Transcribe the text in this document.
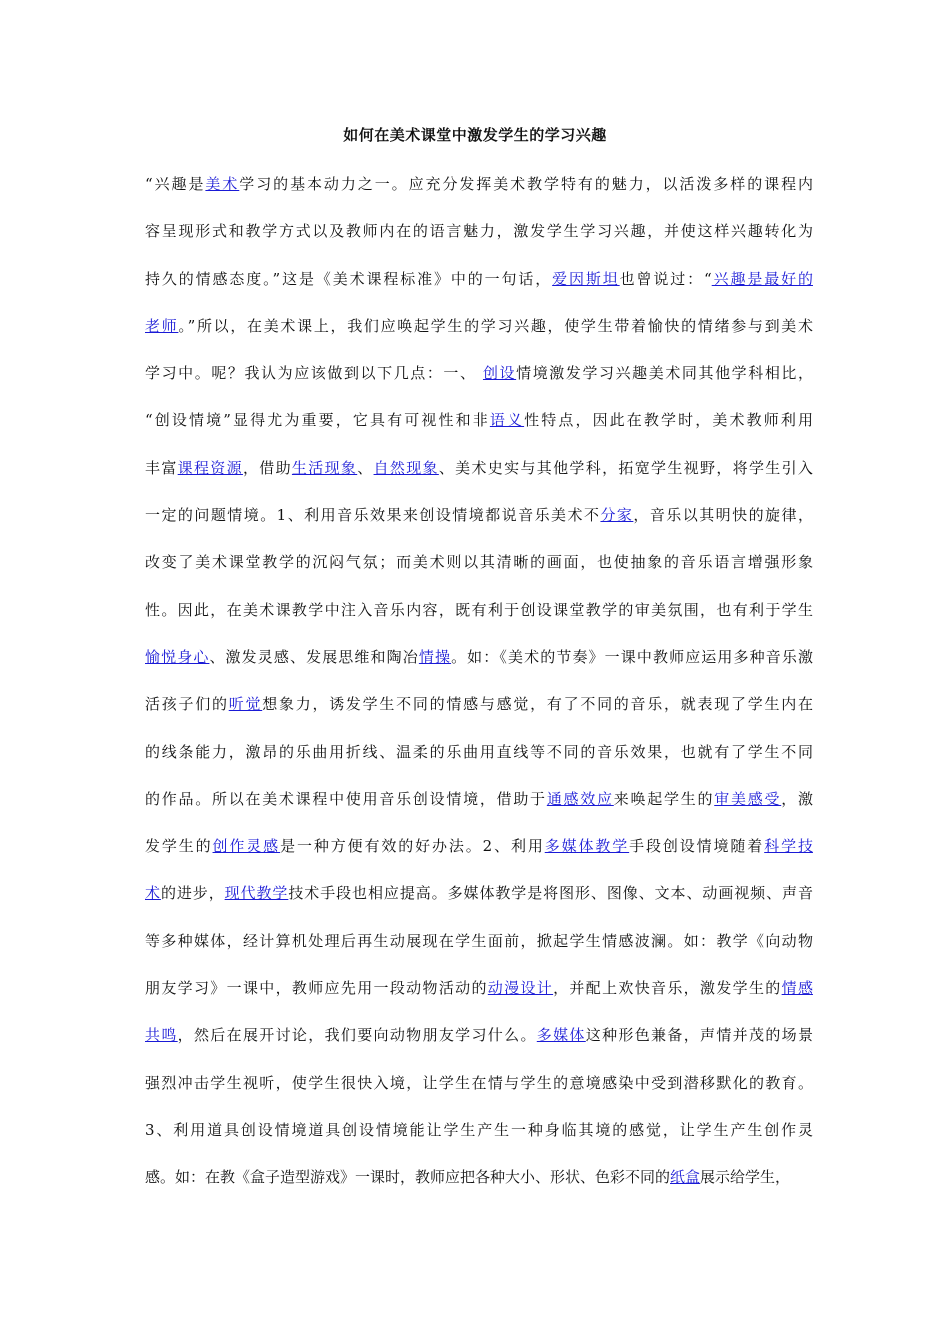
如何在美术课堂中激发学生的学习兴趣
“兴趣是美术学习的基本动力之一。应充分发挥美术教学特有的魅力，以活泼多样的课程内
容呈现形式和教学方式以及教师内在的语言魅力，激发学生学习兴趣，并使这样兴趣转化为
持久的情感态度。”这是《美术课程标准》中的一句话，爱因斯坦也曾说过：“兴趣是最好的
老师。”所以，在美术课上，我们应唤起学生的学习兴趣，使学生带着愉快的情绪参与到美术
学习中。呢？我认为应该做到以下几点：一、 创设情境激发学习兴趣美术同其他学科相比，
“创设情境”显得尤为重要，它具有可视性和非语义性特点，因此在教学时，美术教师利用
丰富课程资源，借助生活现象、自然现象、美术史实与其他学科，拓宽学生视野，将学生引入
一定的问题情境。1、利用音乐效果来创设情境都说音乐美术不分家，音乐以其明快的旋律，
改变了美术课堂教学的沉闷气氛；而美术则以其清晰的画面，也使抽象的音乐语言增强形象
性。因此，在美术课教学中注入音乐内容，既有利于创设课堂教学的审美氛围，也有利于学生
愉悦身心、激发灵感、发展思维和陶冶情操。如：《美术的节奏》一课中教师应运用多种音乐激
活孩子们的听觉想象力，诱发学生不同的情感与感觉，有了不同的音乐，就表现了学生内在
的线条能力，激昂的乐曲用折线、温柔的乐曲用直线等不同的音乐效果，也就有了学生不同
的作品。所以在美术课程中使用音乐创设情境，借助于通感效应来唤起学生的审美感受，激
发学生的创作灵感是一种方便有效的好办法。2、利用多媒体教学手段创设情境随着科学技
术的进步，现代教学技术手段也相应提高。多媒体教学是将图形、图像、文本、动画视频、声音
等多种媒体，经计算机处理后再生动展现在学生面前，掀起学生情感波澜。如：教学《向动物
朋友学习》一课中，教师应先用一段动物活动的动漫设计，并配上欢快音乐，激发学生的情感
共鸣，然后在展开讨论，我们要向动物朋友学习什么。多媒体这种形色兼备，声情并茂的场景
强烈冲击学生视听，使学生很快入境，让学生在情与学生的意境感染中受到潜移默化的教育。
3、利用道具创设情境道具创设情境能让学生产生一种身临其境的感觉，让学生产生创作灵
感。如：在教《盒子造型游戏》一课时，教师应把各种大小、形状、色彩不同的纸盒展示给学生，
